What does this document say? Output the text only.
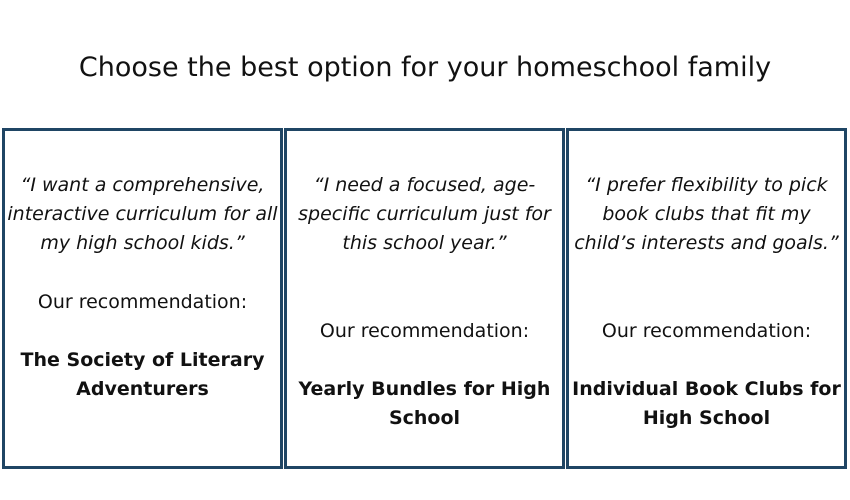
Choose the best option for your homeschool family

“I want a comprehensive, interactive curriculum for all my high school kids.”

Our recommendation:

The Society of Literary Adventurers

“I need a focused, age-specific curriculum just for this school year.”

Our recommendation:

Yearly Bundles for High School

“I prefer flexibility to pick book clubs that fit my child’s interests and goals.”

Our recommendation:

Individual Book Clubs for High School
